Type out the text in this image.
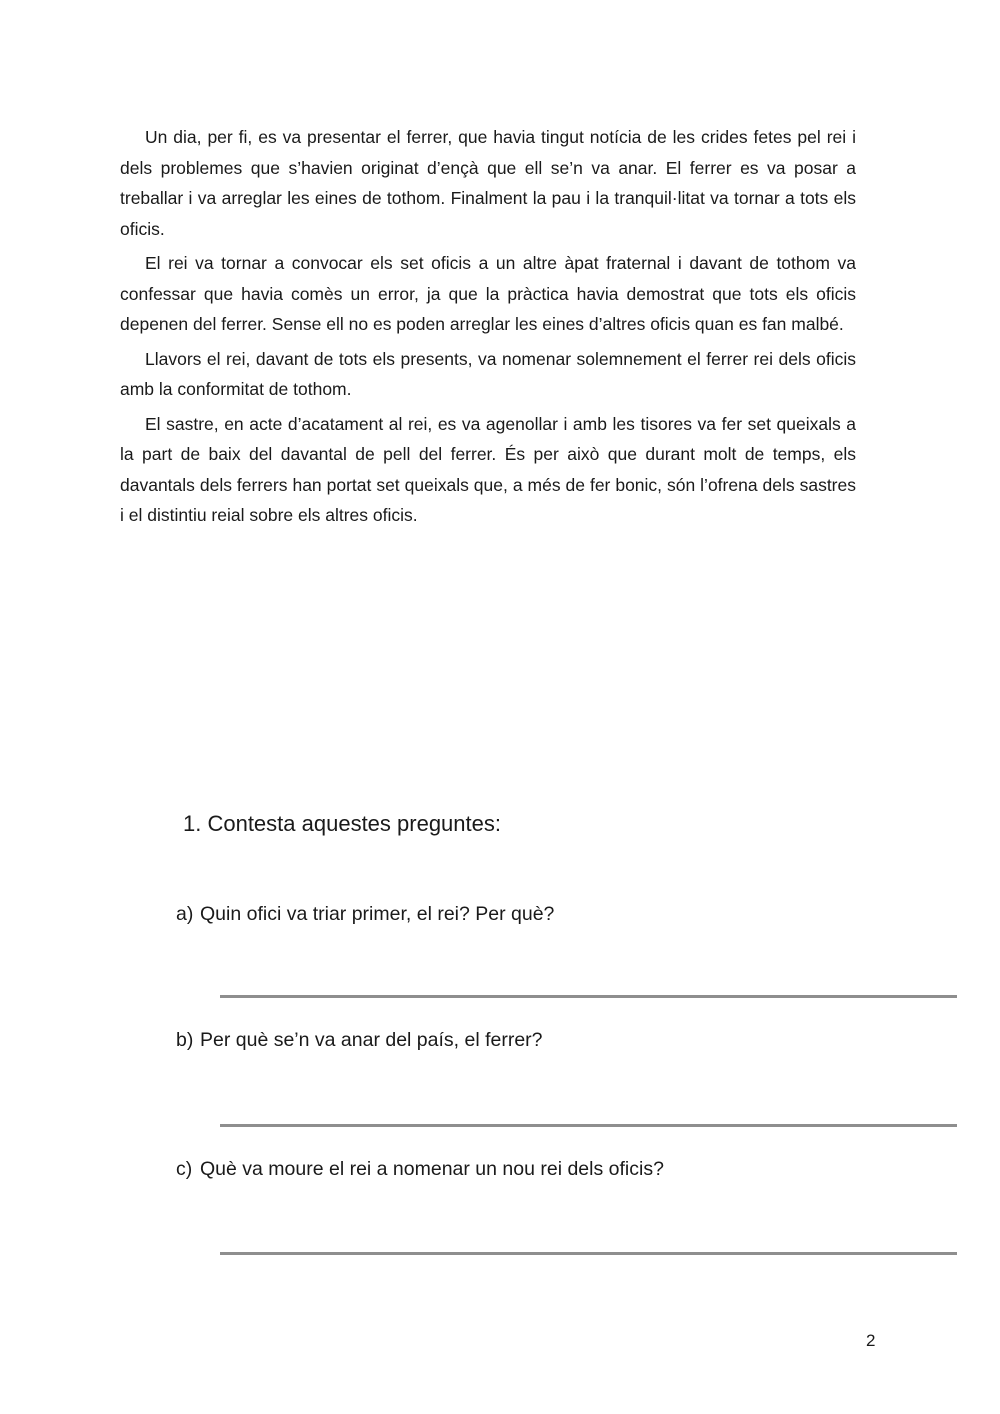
Un dia, per fi, es va presentar el ferrer, que havia tingut notícia de les crides fetes pel rei i dels problemes que s’havien originat d’ençà que ell se’n va anar. El ferrer es va posar a treballar i va arreglar les eines de tothom. Finalment la pau i la tranquil·litat va tornar a tots els oficis.

El rei va tornar a convocar els set oficis a un altre àpat fraternal i davant de tothom va confessar que havia comès un error, ja que la pràctica havia demostrat que tots els oficis depenen del ferrer. Sense ell no es poden arreglar les eines d’altres oficis quan es fan malbé.

Llavors el rei, davant de tots els presents, va nomenar solemnement el ferrer rei dels oficis amb la conformitat de tothom.

El sastre, en acte d’acatament al rei, es va agenollar i amb les tisores va fer set queixals a la part de baix del davantal de pell del ferrer. És per això que durant molt de temps, els davantals dels ferrers han portat set queixals que, a més de fer bonic, són l’ofrena dels sastres i el distintiu reial sobre els altres oficis.

1. Contesta aquestes preguntes:
a) Quin ofici va triar primer, el rei? Per què?
b) Per què se’n va anar del país, el ferrer?
c) Què va moure el rei a nomenar un nou rei dels oficis?
2
